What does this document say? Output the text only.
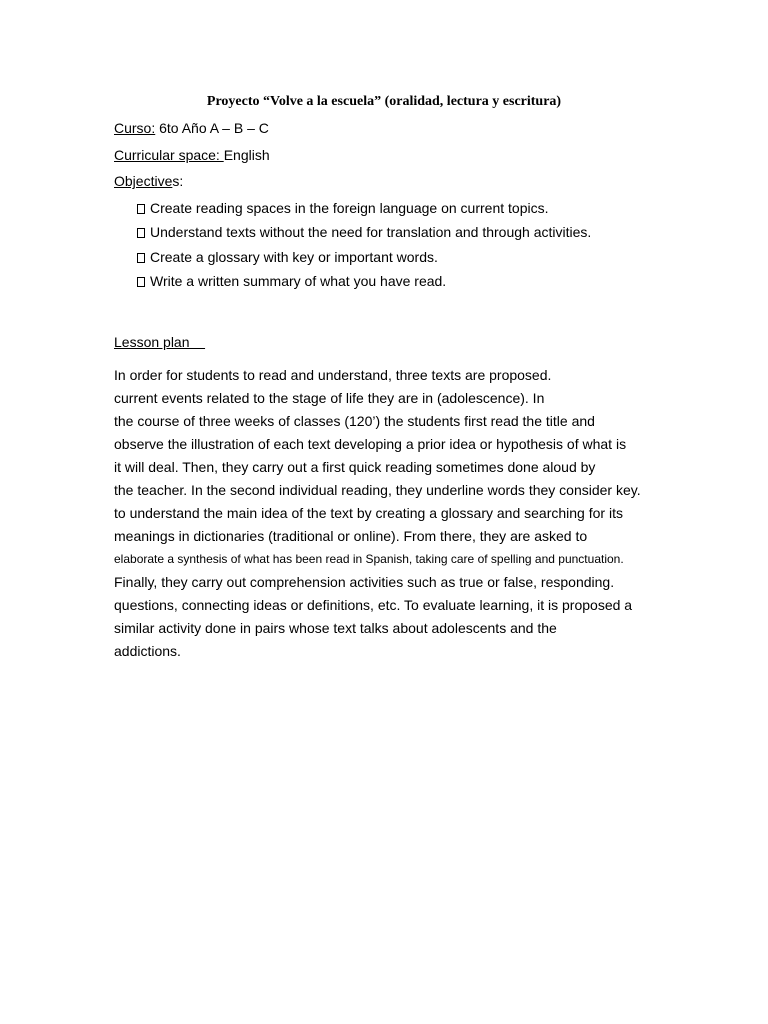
Proyecto “Volve a la escuela” (oralidad, lectura y escritura)
Curso: 6to Año A – B – C
Curricular space: English
Objectives:
Create reading spaces in the foreign language on current topics.
Understand texts without the need for translation and through activities.
Create a glossary with key or important words.
Write a written summary of what you have read.
Lesson plan
In order for students to read and understand, three texts are proposed.
current events related to the stage of life they are in (adolescence). In
the course of three weeks of classes (120’) the students first read the title and
observe the illustration of each text developing a prior idea or hypothesis of what is
it will deal. Then, they carry out a first quick reading sometimes done aloud by
the teacher. In the second individual reading, they underline words they consider key.
to understand the main idea of the text by creating a glossary and searching for its
meanings in dictionaries (traditional or online). From there, they are asked to
elaborate a synthesis of what has been read in Spanish, taking care of spelling and punctuation.
Finally, they carry out comprehension activities such as true or false, responding.
questions, connecting ideas or definitions, etc. To evaluate learning, it is proposed a
similar activity done in pairs whose text talks about adolescents and the
addictions.
